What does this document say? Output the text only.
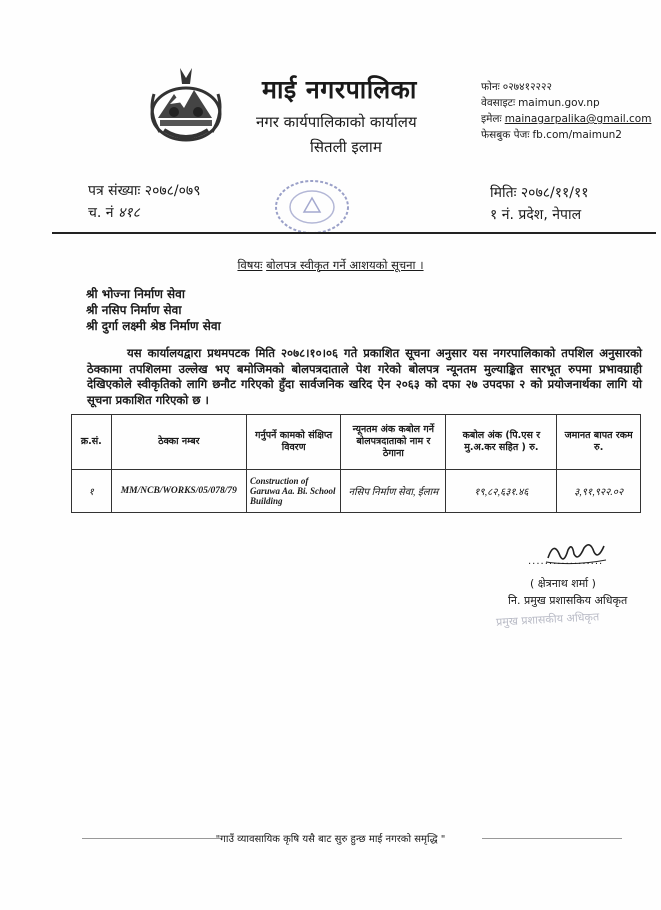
माई नगरपालिका
नगर कार्यपालिकाको कार्यालय
सितली इलाम
फोनः ०२७४१२२२२
वेवसाइटः maimun.gov.np
इमेलः mainagarpalika@gmail.com
फेसबुक पेजः fb.com/maimun2
पत्र संख्याः २०७८/०७९
च. नं ४१८
मितिः २०७८/११/११
१ नं. प्रदेश, नेपाल
विषयः बोलपत्र स्वीकृत गर्ने आशयको सूचना ।
श्री भोज्ना निर्माण सेवा
श्री नसिप निर्माण सेवा
श्री दुर्गा लक्ष्मी श्रेष्ठ निर्माण सेवा
यस कार्यालयद्वारा प्रथमपटक मिति २०७८।१०।०६ गते प्रकाशित सूचना अनुसार यस नगरपालिकाको तपशिल अनुसारको ठेक्कामा तपशिलमा उल्लेख भए बमोजिमको बोलपत्रदाताले पेश गरेको बोलपत्र न्यूनतम मुल्याङ्कित सारभूत रुपमा प्रभावग्राही देखिएकोले स्वीकृतिको लागि छनौट गरिएको हुँदा सार्वजनिक खरिद ऐन २०६३ को दफा २७ उपदफा २ को प्रयोजनार्थका लागि यो सूचना प्रकाशित गरिएको छ ।
क्र.सं.	ठेक्का नम्बर	गर्नुपर्ने कामको संक्षिप्त विवरण	न्यूनतम अंक कबोल गर्ने बोलपत्रदाताको नाम र ठेगाना	कबोल अंक (पि.एस र मु.अ.कर सहित ) रु.	जमानत बापत रकम रु.
१	MM/NCB/WORKS/05/078/79	Construction of Garuwa Aa. Bi. School Building	नसिप निर्माण सेवा, ईलाम	१९,८२,६३१.४६	३,९१,९२२.०२
..................
( क्षेत्रनाथ शर्मा )
नि. प्रमुख प्रशासकिय अधिकृत
प्रमुख प्रशासकीय अधिकृत
"गाउँ व्यावसायिक कृषि यसै बाट सुरु हुन्छ माई नगरको समृद्धि "
